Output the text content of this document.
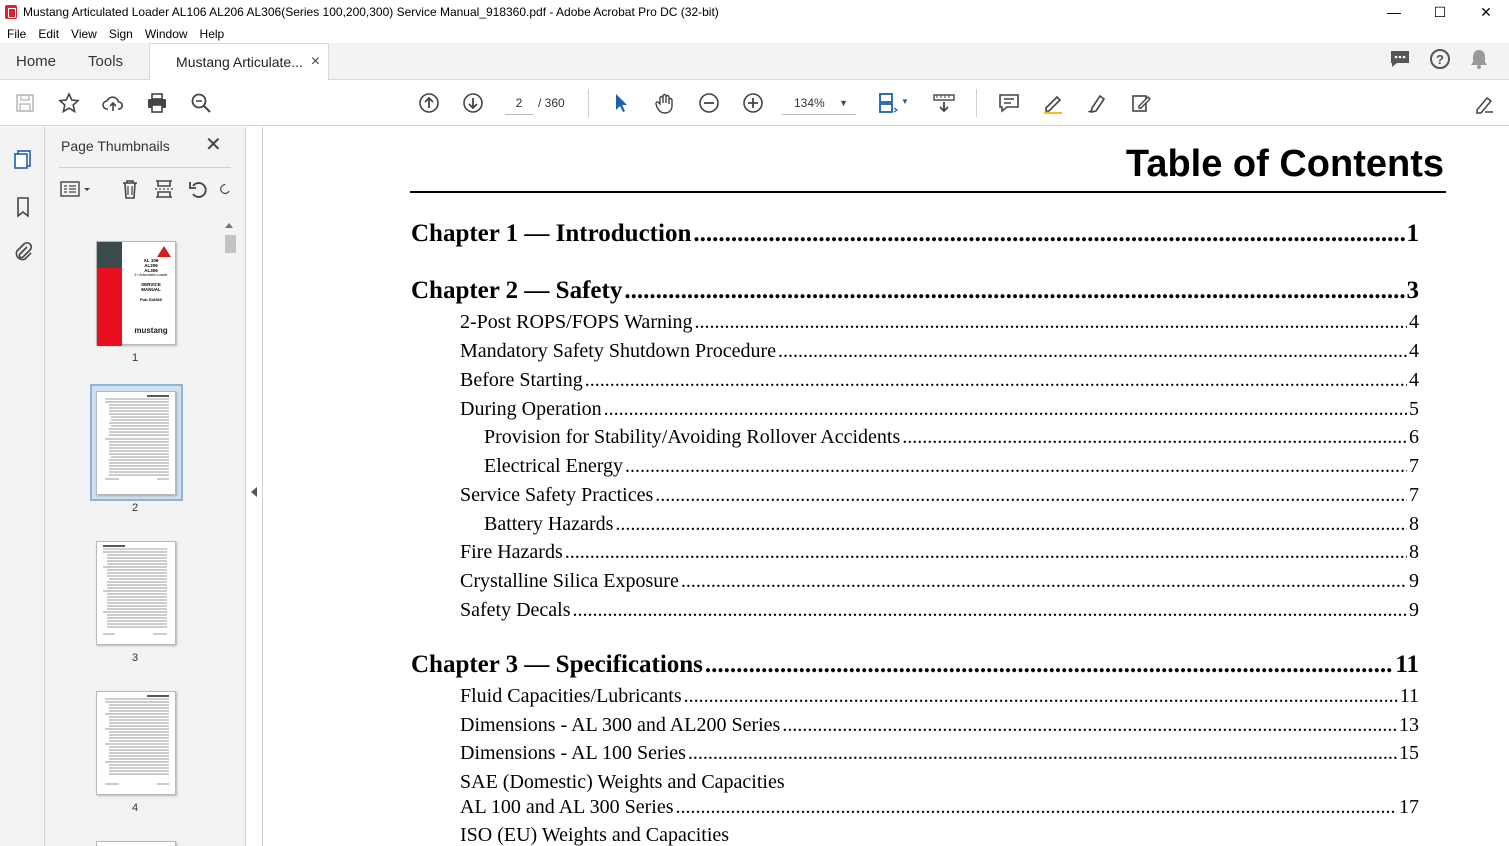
Mustang Articulated Loader AL106 AL206 AL306(Series 100,200,300) Service Manual_918360.pdf - Adobe Acrobat Pro DC (32-bit)	—	☐	✕
File	Edit	View	Sign	Window	Help
Home	Tools	Mustang Articulate... ×	?
2	/ 360	134% ▼	▼
Page Thumbnails ✕
AL 106
AL206
AL306
2+ Articulated Loader
SERVICE
MANUAL
Pub 918360
mustang
1
2
3
4
Table of Contents
Chapter 1 — Introduction .....	1
Chapter 2 — Safety .....	3
2-Post ROPS/FOPS Warning .....	4
Mandatory Safety Shutdown Procedure .....	4
Before Starting .....	4
During Operation .....	5
Provision for Stability/Avoiding Rollover Accidents .....	6
Electrical Energy .....	7
Service Safety Practices .....	7
Battery Hazards .....	8
Fire Hazards .....	8
Crystalline Silica Exposure .....	9
Safety Decals .....	9
Chapter 3 — Specifications .....	11
Fluid Capacities/Lubricants .....	11
Dimensions - AL 300 and AL200 Series .....	13
Dimensions - AL 100 Series .....	15
SAE (Domestic) Weights and Capacities
AL 100 and AL 300 Series .....	17
ISO (EU) Weights and Capacities
